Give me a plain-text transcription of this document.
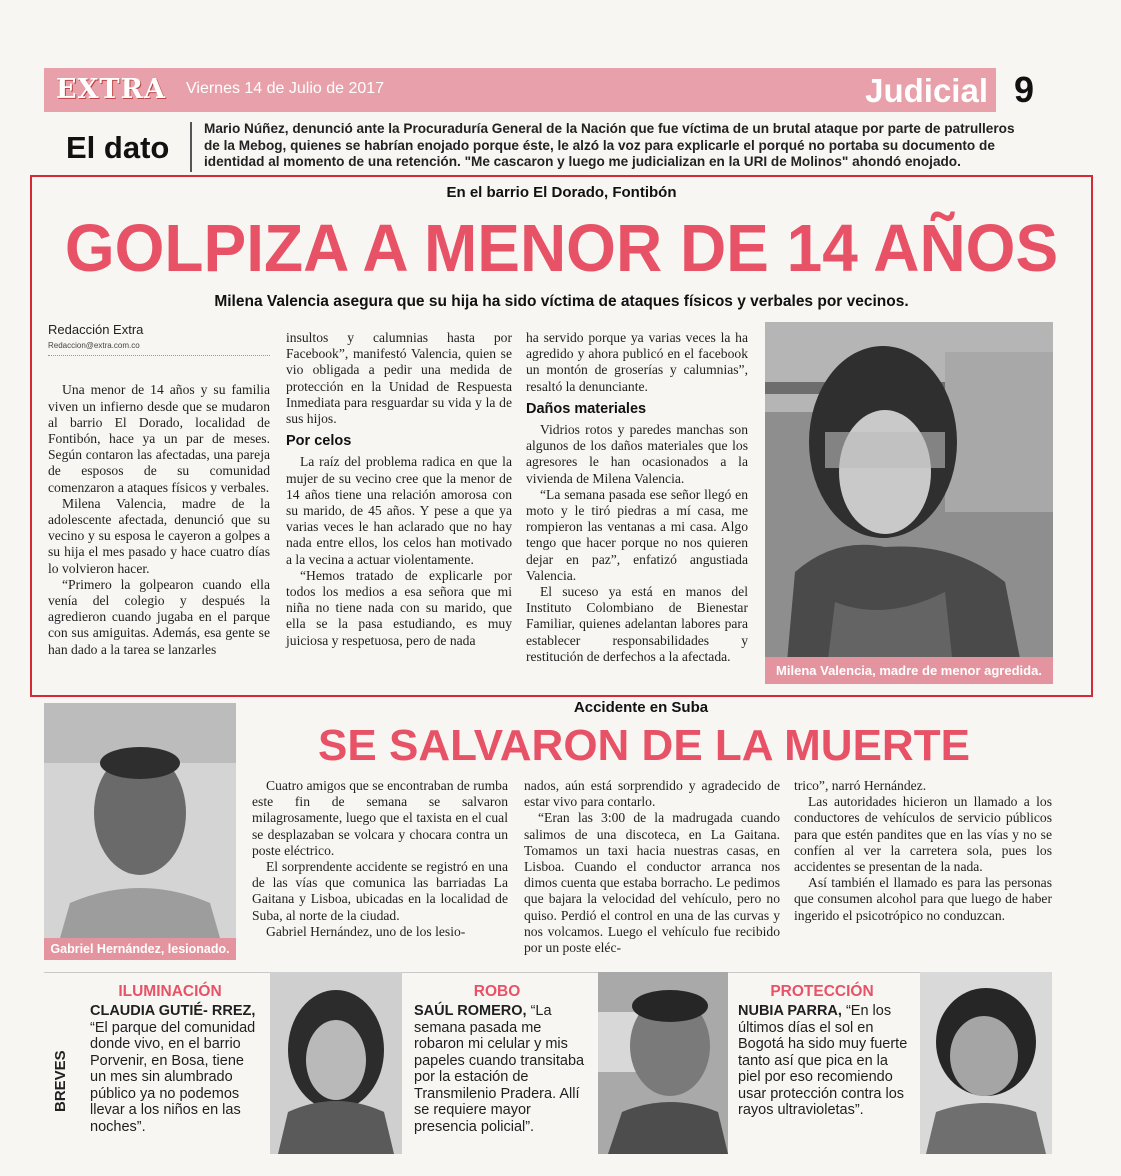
EXTRA Viernes 14 de Julio de 2017	Judicial 9
El dato
Mario Núñez, denunció ante la Procuraduría General de la Nación que fue víctima de un brutal ataque por parte de patrulleros de la Mebog, quienes se habrían enojado porque éste, le alzó la voz para explicarle el porqué no portaba su documento de identidad al momento de una retención. "Me cascaron y luego me judicializan en la URI de Molinos" ahondó enojado.
En el barrio El Dorado, Fontibón
GOLPIZA A MENOR DE 14 AÑOS
Milena Valencia asegura que su hija ha sido víctima de ataques físicos y verbales por vecinos.
Redacción Extra
Redaccion@extra.com.co

Una menor de 14 años y su familia viven un infierno desde que se mudaron al barrio El Dorado, localidad de Fontibón, hace ya un par de meses. Según contaron las afectadas, una pareja de esposos de su comunidad comenzaron a ataques físicos y verbales.

Milena Valencia, madre de la adolescente afectada, denunció que su vecino y su esposa le cayeron a golpes a su hija el mes pasado y hace cuatro días lo volvieron hacer.

“Primero la golpearon cuando ella venía del colegio y después la agredieron cuando jugaba en el parque con sus amiguitas. Además, esa gente se han dado a la tarea se lanzarles

insultos y calumnias hasta por Facebook”, manifestó Valencia, quien se vio obligada a pedir una medida de protección en la Unidad de Respuesta Inmediata para resguardar su vida y la de sus hijos.
Por celos

La raíz del problema radica en que la mujer de su vecino cree que la menor de 14 años tiene una relación amorosa con su marido, de 45 años. Y pese a que ya varias veces le han aclarado que no hay nada entre ellos, los celos han motivado a la vecina a actuar violentamente.

“Hemos tratado de explicarle por todos los medios a esa señora que mi niña no tiene nada con su marido, que ella se la pasa estudiando, es muy juiciosa y respetuosa, pero de nada

ha servido porque ya varias veces la ha agredido y ahora publicó en el facebook un montón de groserías y calumnias”, resaltó la denunciante.
Daños materiales

Vidrios rotos y paredes manchas son algunos de los daños materiales que los agresores le han ocasionados a la vivienda de Milena Valencia.

“La semana pasada ese señor llegó en moto y le tiró piedras a mí casa, me rompieron las ventanas a mi casa. Algo tengo que hacer porque no nos quieren dejar en paz”, enfatizó angustiada Valencia.

El suceso ya está en manos del Instituto Colombiano de Bienestar Familiar, quienes adelantan labores para establecer responsabilidades y restitución de derfechos a la afectada.

Milena Valencia, madre de menor agredida.
Gabriel Hernández, lesionado.
Accidente en Suba
SE SALVARON DE LA MUERTE

Cuatro amigos que se encontraban de rumba este fin de semana se salvaron milagrosamente, luego que el taxista en el cual se desplazaban se volcara y chocara contra un poste eléctrico.

El sorprendente accidente se registró en una de las vías que comunica las barriadas La Gaitana y Lisboa, ubicadas en la localidad de Suba, al norte de la ciudad.

Gabriel Hernández, uno de los lesio-

nados, aún está sorprendido y agradecido de estar vivo para contarlo.

“Eran las 3:00 de la madrugada cuando salimos de una discoteca, en La Gaitana. Tomamos un taxi hacia nuestras casas, en Lisboa. Cuando el conductor arranca nos dimos cuenta que estaba borracho. Le pedimos que bajara la velocidad del vehículo, pero no quiso. Perdió el control en una de las curvas y nos volcamos. Luego el vehículo fue recibido por un poste eléc-

trico”, narró Hernández.

Las autoridades hicieron un llamado a los conductores de vehículos de servicio públicos para que estén pandites que en las vías y no se confíen al ver la carretera sola, pues los accidentes se presentan de la nada.

Así también el llamado es para las personas que consumen alcohol para que luego de haber ingerido el psicotrópico no conduzcan.

BREVES
ILUMINACIÓN
CLAUDIA GUTIÉ- RREZ, “El parque del comunidad donde vivo, en el barrio Porvenir, en Bosa, tiene un mes sin alumbrado público ya no podemos llevar a los niños en las noches”.
ROBO
SAÚL ROMERO, “La semana pasada me robaron mi celular y mis papeles cuando transitaba por la estación de Transmilenio Pradera. Allí se requiere mayor presencia policial”.
PROTECCIÓN
NUBIA PARRA, “En los últimos días el sol en Bogotá ha sido muy fuerte tanto así que pica en la piel por eso recomiendo usar protección contra los rayos ultravioletas”.
